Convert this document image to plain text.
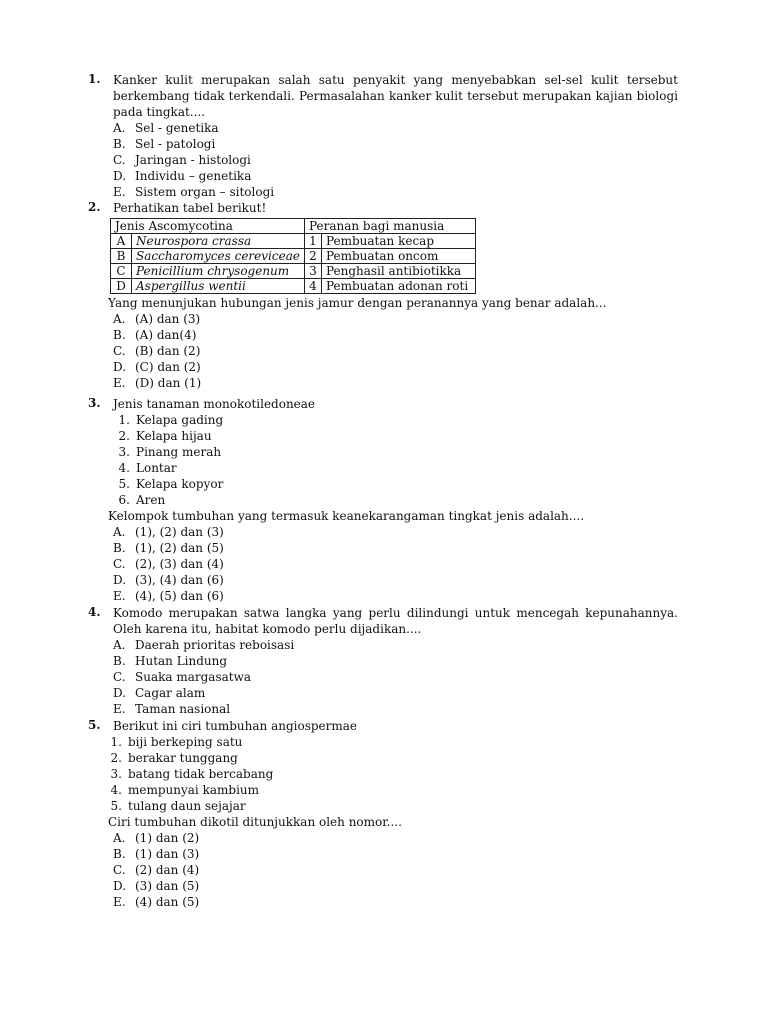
1. Kanker kulit merupakan salah satu penyakit yang menyebabkan sel-sel kulit tersebut
berkembang tidak terkendali. Permasalahan kanker kulit tersebut merupakan kajian biologi
pada tingkat....
A. Sel - genetika
B. Sel - patologi
C. Jaringan - histologi
D. Individu – genetika
E. Sistem organ – sitologi
2. Perhatikan tabel berikut!
Jenis Ascomycotina		Peranan bagi manusia	
A	Neurospora crassa	1	Pembuatan kecap
B	Saccharomyces cereviceae	2	Pembuatan oncom
C	Penicillium chrysogenum	3	Penghasil antibiotikka
D	Aspergillus wentii	4	Pembuatan adonan roti
Yang menunjukan hubungan jenis jamur dengan peranannya yang benar adalah...
A. (A) dan (3)
B. (A) dan(4)
C. (B) dan (2)
D. (C) dan (2)
E. (D) dan (1)
3. Jenis tanaman monokotiledoneae
1. Kelapa gading
2. Kelapa hijau
3. Pinang merah
4. Lontar
5. Kelapa kopyor
6. Aren
Kelompok tumbuhan yang termasuk keanekarangaman tingkat jenis adalah....
A. (1), (2) dan (3)
B. (1), (2) dan (5)
C. (2), (3) dan (4)
D. (3), (4) dan (6)
E. (4), (5) dan (6)
4. Komodo merupakan satwa langka yang perlu dilindungi untuk mencegah kepunahannya.
Oleh karena itu, habitat komodo perlu dijadikan....
A. Daerah prioritas reboisasi
B. Hutan Lindung
C. Suaka margasatwa
D. Cagar alam
E. Taman nasional
5. Berikut ini ciri tumbuhan angiospermae
1. biji berkeping satu
2. berakar tunggang
3. batang tidak bercabang
4. mempunyai kambium
5. tulang daun sejajar
Ciri tumbuhan dikotil ditunjukkan oleh nomor....
A. (1) dan (2)
B. (1) dan (3)
C. (2) dan (4)
D. (3) dan (5)
E. (4) dan (5)
